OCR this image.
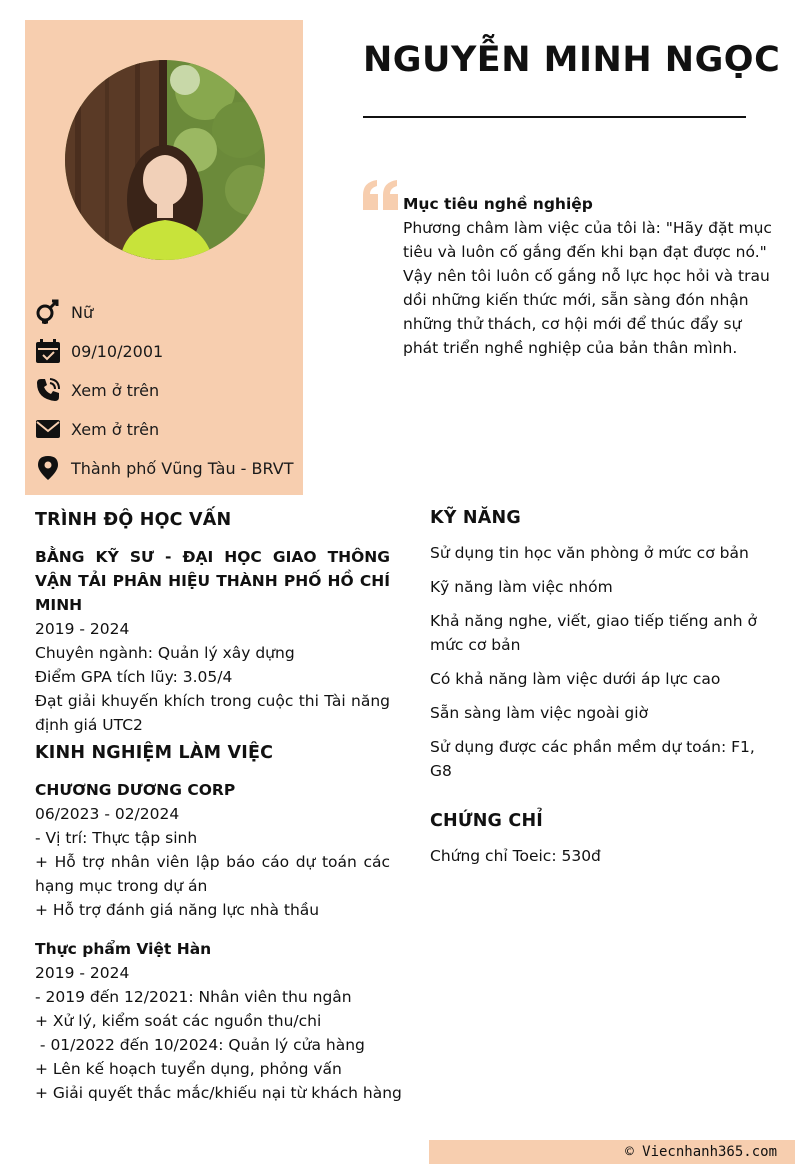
Nữ
09/10/2001
Xem ở trên
Xem ở trên
Thành phố Vũng Tàu - BRVT
NGUYỄN MINH NGỌC
Mục tiêu nghề nghiệp
Phương châm làm việc của tôi là: "Hãy đặt mục tiêu và luôn cố gắng đến khi bạn đạt được nó." Vậy nên tôi luôn cố gắng nỗ lực học hỏi và trau dồi những kiến thức mới, sẵn sàng đón nhận những thử thách, cơ hội mới để thúc đẩy sự phát triển nghề nghiệp của bản thân mình.
TRÌNH ĐỘ HỌC VẤN
BẰNG KỸ SƯ - ĐẠI HỌC GIAO THÔNG VẬN TẢI PHÂN HIỆU THÀNH PHỐ HỒ CHÍ MINH
2019 - 2024
Chuyên ngành: Quản lý xây dựng
Điểm GPA tích lũy: 3.05/4
Đạt giải khuyến khích trong cuộc thi Tài năng định giá UTC2
KINH NGHIỆM LÀM VIỆC
CHƯƠNG DƯƠNG CORP
06/2023 - 02/2024
- Vị trí: Thực tập sinh
+ Hỗ trợ nhân viên lập báo cáo dự toán các hạng mục trong dự án
+ Hỗ trợ đánh giá năng lực nhà thầu
Thực phẩm Việt Hàn
2019 - 2024
- 2019 đến 12/2021: Nhân viên thu ngân
+ Xử lý, kiểm soát các nguồn thu/chi
- 01/2022 đến 10/2024: Quản lý cửa hàng
+ Lên kế hoạch tuyển dụng, phỏng vấn
+ Giải quyết thắc mắc/khiếu nại từ khách hàng
KỸ NĂNG
Sử dụng tin học văn phòng ở mức cơ bản
Kỹ năng làm việc nhóm
Khả năng nghe, viết, giao tiếp tiếng anh ở mức cơ bản
Có khả năng làm việc dưới áp lực cao
Sẵn sàng làm việc ngoài giờ
Sử dụng được các phần mềm dự toán: F1, G8
CHỨNG CHỈ
Chứng chỉ Toeic: 530đ
© Viecnhanh365.com
